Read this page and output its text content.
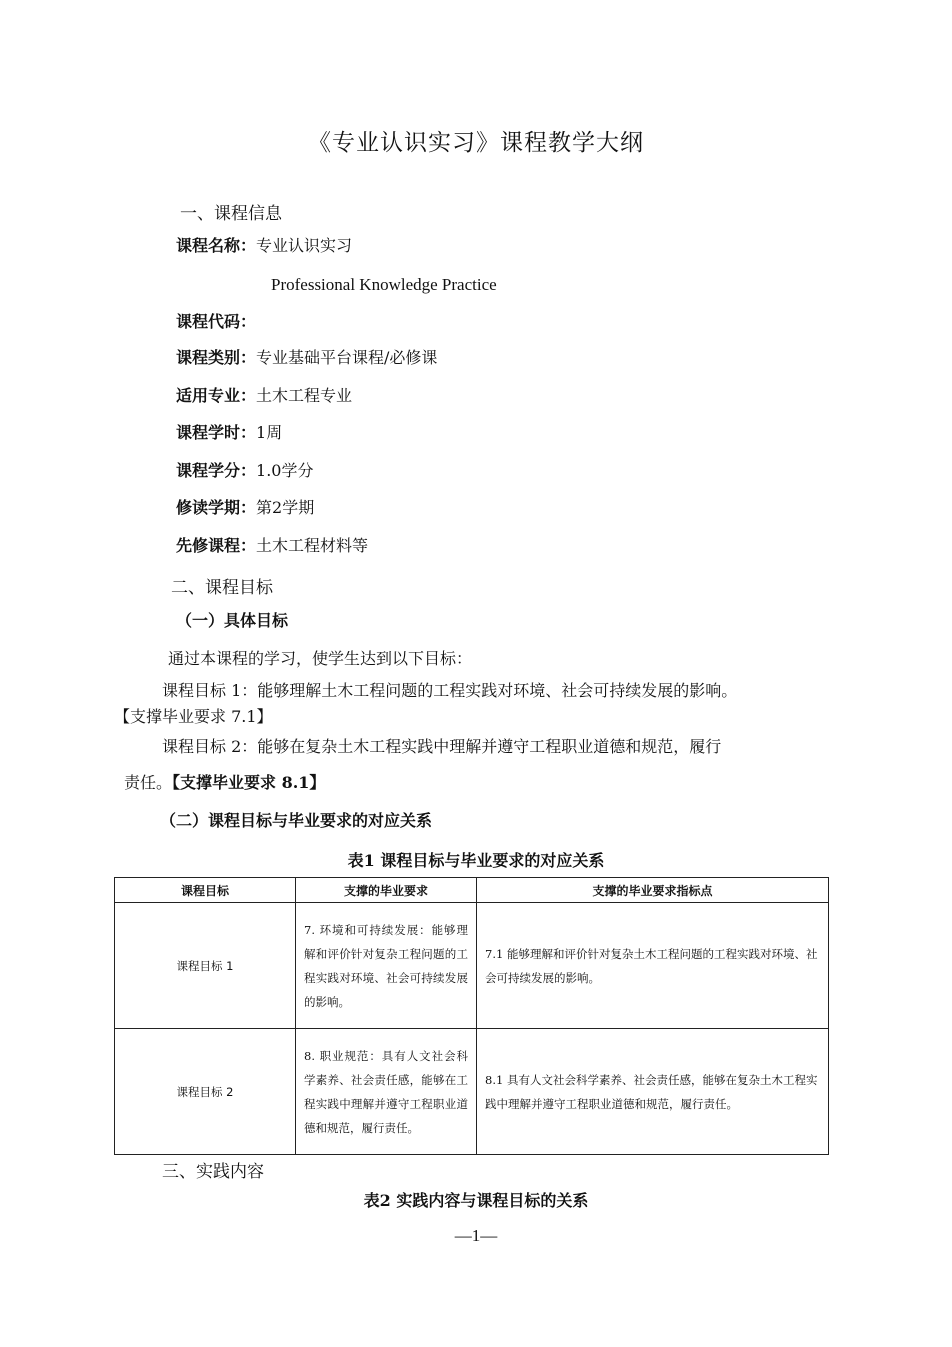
《专业认识实习》课程教学大纲
一、课程信息
课程名称：专业认识实习
Professional Knowledge Practice
课程代码：
课程类别：专业基础平台课程/必修课
适用专业：土木工程专业
课程学时：1周
课程学分：1.0学分
修读学期：第2学期
先修课程：土木工程材料等
二、课程目标
（一）具体目标
通过本课程的学习，使学生达到以下目标：
课程目标 1：能够理解土木工程问题的工程实践对环境、社会可持续发展的影响。
【支撑毕业要求 7.1】
课程目标 2：能够在复杂土木工程实践中理解并遵守工程职业道德和规范，履行
责任。【支撑毕业要求 8.1】
（二）课程目标与毕业要求的对应关系
表1 课程目标与毕业要求的对应关系
课程目标	支撑的毕业要求	支撑的毕业要求指标点
课程目标 1	7. 环境和可持续发展：能够理解和评价针对复杂工程问题的工程实践对环境、社会可持续发展的影响。	7.1 能够理解和评价针对复杂土木工程问题的工程实践对环境、社会可持续发展的影响。
课程目标 2	8. 职业规范：具有人文社会科学素养、社会责任感，能够在工程实践中理解并遵守工程职业道德和规范，履行责任。	8.1 具有人文社会科学素养、社会责任感，能够在复杂土木工程实践中理解并遵守工程职业道德和规范，履行责任。
三、实践内容
表2 实践内容与课程目标的关系
—1—
